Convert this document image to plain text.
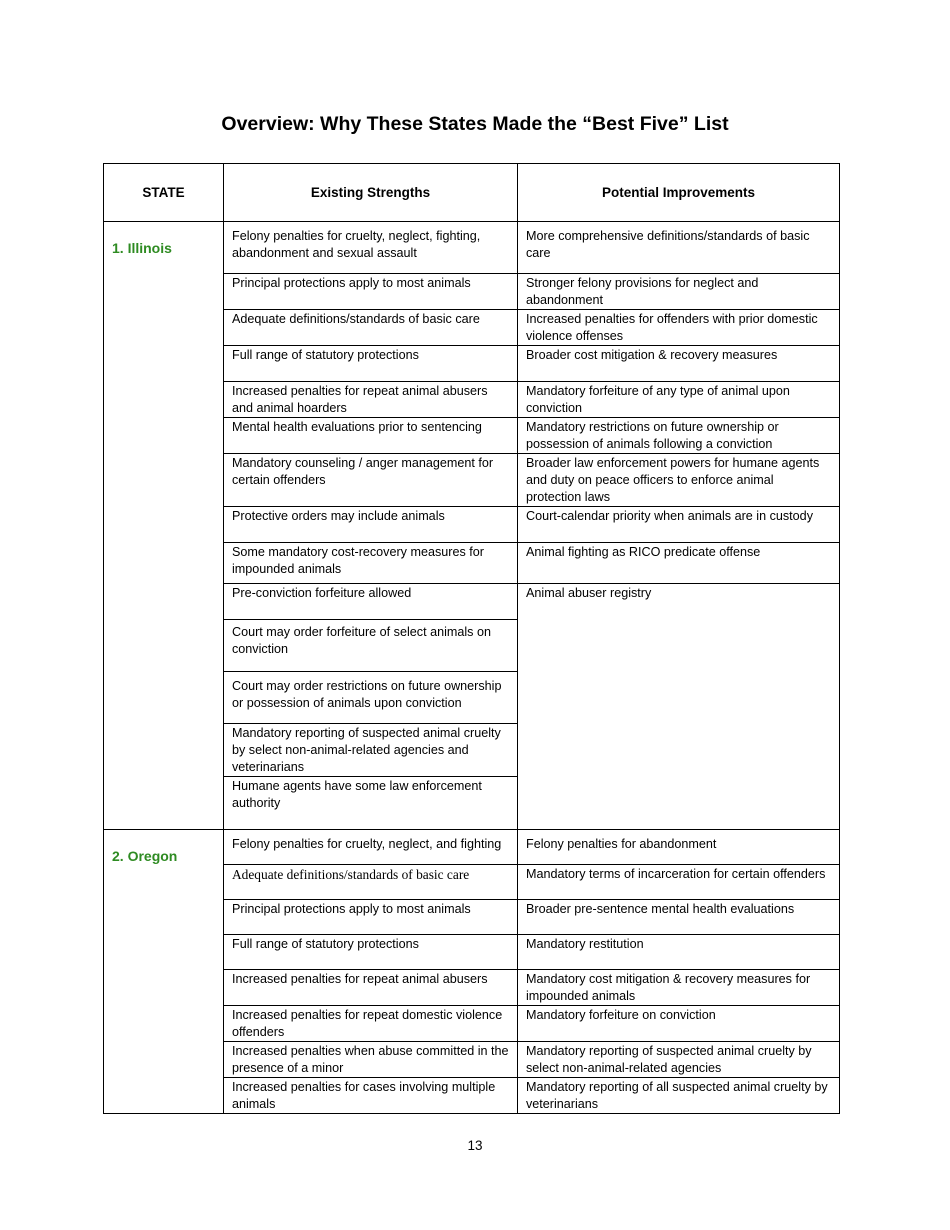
Overview: Why These States Made the “Best Five” List
STATE	Existing Strengths	Potential Improvements
1. Illinois	Felony penalties for cruelty, neglect, fighting, abandonment and sexual assault	More comprehensive definitions/standards of basic care
	Principal protections apply to most animals	Stronger felony provisions for neglect and abandonment
	Adequate definitions/standards of basic care	Increased penalties for offenders with prior domestic violence offenses
	Full range of statutory protections	Broader cost mitigation & recovery measures
	Increased penalties for repeat animal abusers and animal hoarders	Mandatory forfeiture of any type of animal upon conviction
	Mental health evaluations prior to sentencing	Mandatory restrictions on future ownership or possession of animals following a conviction
	Mandatory counseling / anger management for certain offenders	Broader law enforcement powers for humane agents and duty on peace officers to enforce animal protection laws
	Protective orders may include animals	Court-calendar priority when animals are in custody
	Some mandatory cost-recovery measures for impounded animals	Animal fighting as RICO predicate offense
	Pre-conviction forfeiture allowed	Animal abuser registry
	Court may order forfeiture of select animals on conviction	
	Court may order restrictions on future ownership or possession of animals upon conviction	
	Mandatory reporting of suspected animal cruelty by select non-animal-related agencies and veterinarians	
	Humane agents have some law enforcement authority	
2. Oregon	Felony penalties for cruelty, neglect, and fighting	Felony penalties for abandonment
	Adequate definitions/standards of basic care	Mandatory terms of incarceration for certain offenders
	Principal protections apply to most animals	Broader pre-sentence mental health evaluations
	Full range of statutory protections	Mandatory restitution
	Increased penalties for repeat animal abusers	Mandatory cost mitigation & recovery measures for impounded animals
	Increased penalties for repeat domestic violence offenders	Mandatory forfeiture on conviction
	Increased penalties when abuse committed in the presence of a minor	Mandatory reporting of suspected animal cruelty by select non-animal-related agencies
	Increased penalties for cases involving multiple animals	Mandatory reporting of all suspected animal cruelty by veterinarians
13
